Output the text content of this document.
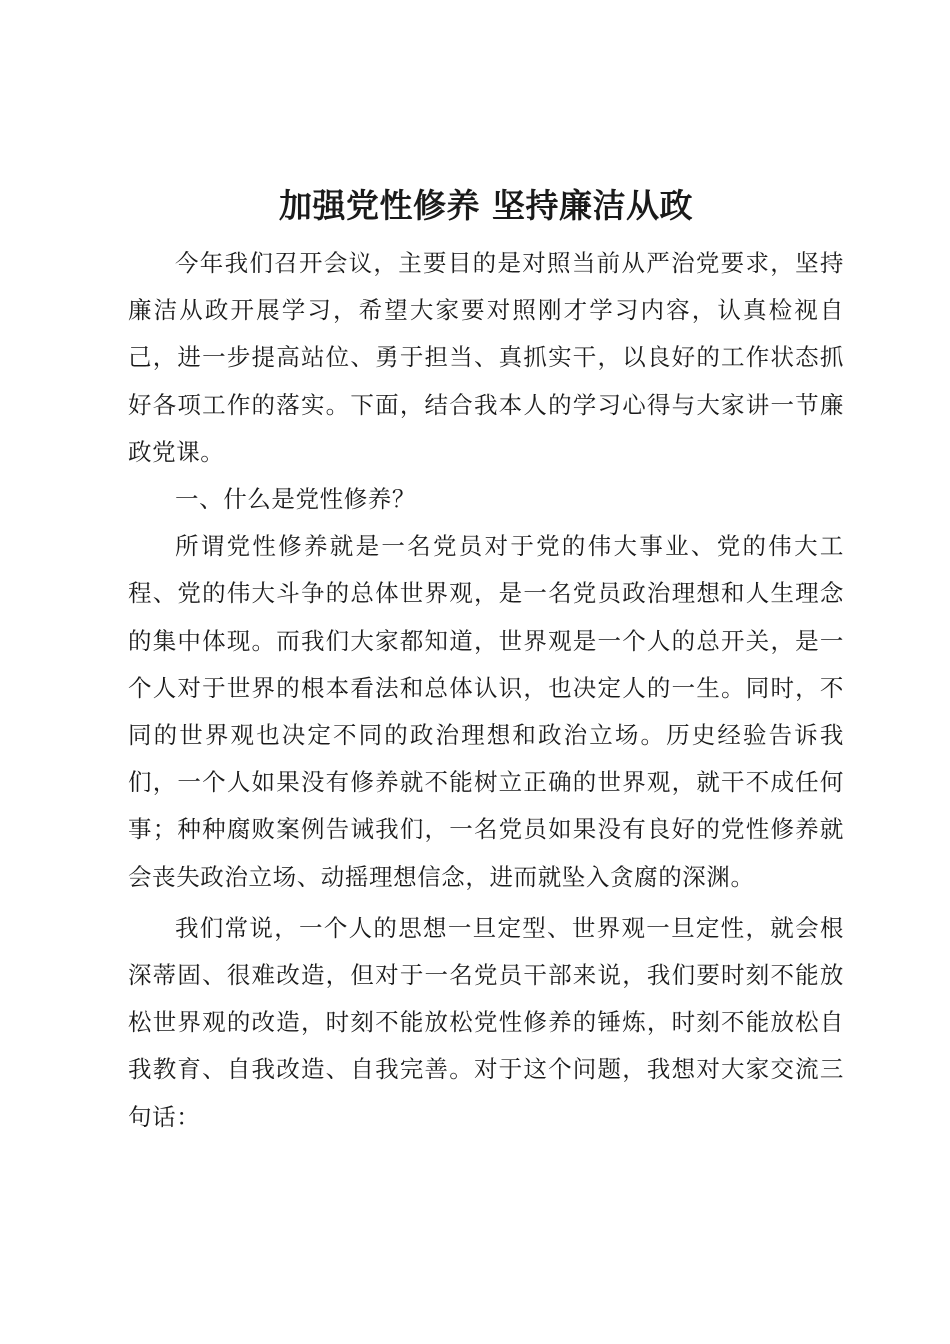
加强党性修养 坚持廉洁从政

今年我们召开会议，主要目的是对照当前从严治党要求，坚持廉洁从政开展学习，希望大家要对照刚才学习内容，认真检视自己，进一步提高站位、勇于担当、真抓实干，以良好的工作状态抓好各项工作的落实。下面，结合我本人的学习心得与大家讲一节廉政党课。

一、什么是党性修养？

所谓党性修养就是一名党员对于党的伟大事业、党的伟大工程、党的伟大斗争的总体世界观，是一名党员政治理想和人生理念的集中体现。而我们大家都知道，世界观是一个人的总开关，是一个人对于世界的根本看法和总体认识，也决定人的一生。同时，不同的世界观也决定不同的政治理想和政治立场。历史经验告诉我们，一个人如果没有修养就不能树立正确的世界观，就干不成任何事；种种腐败案例告诫我们，一名党员如果没有良好的党性修养就会丧失政治立场、动摇理想信念，进而就坠入贪腐的深渊。

我们常说，一个人的思想一旦定型、世界观一旦定性，就会根深蒂固、很难改造，但对于一名党员干部来说，我们要时刻不能放松世界观的改造，时刻不能放松党性修养的锤炼，时刻不能放松自我教育、自我改造、自我完善。对于这个问题，我想对大家交流三句话：
